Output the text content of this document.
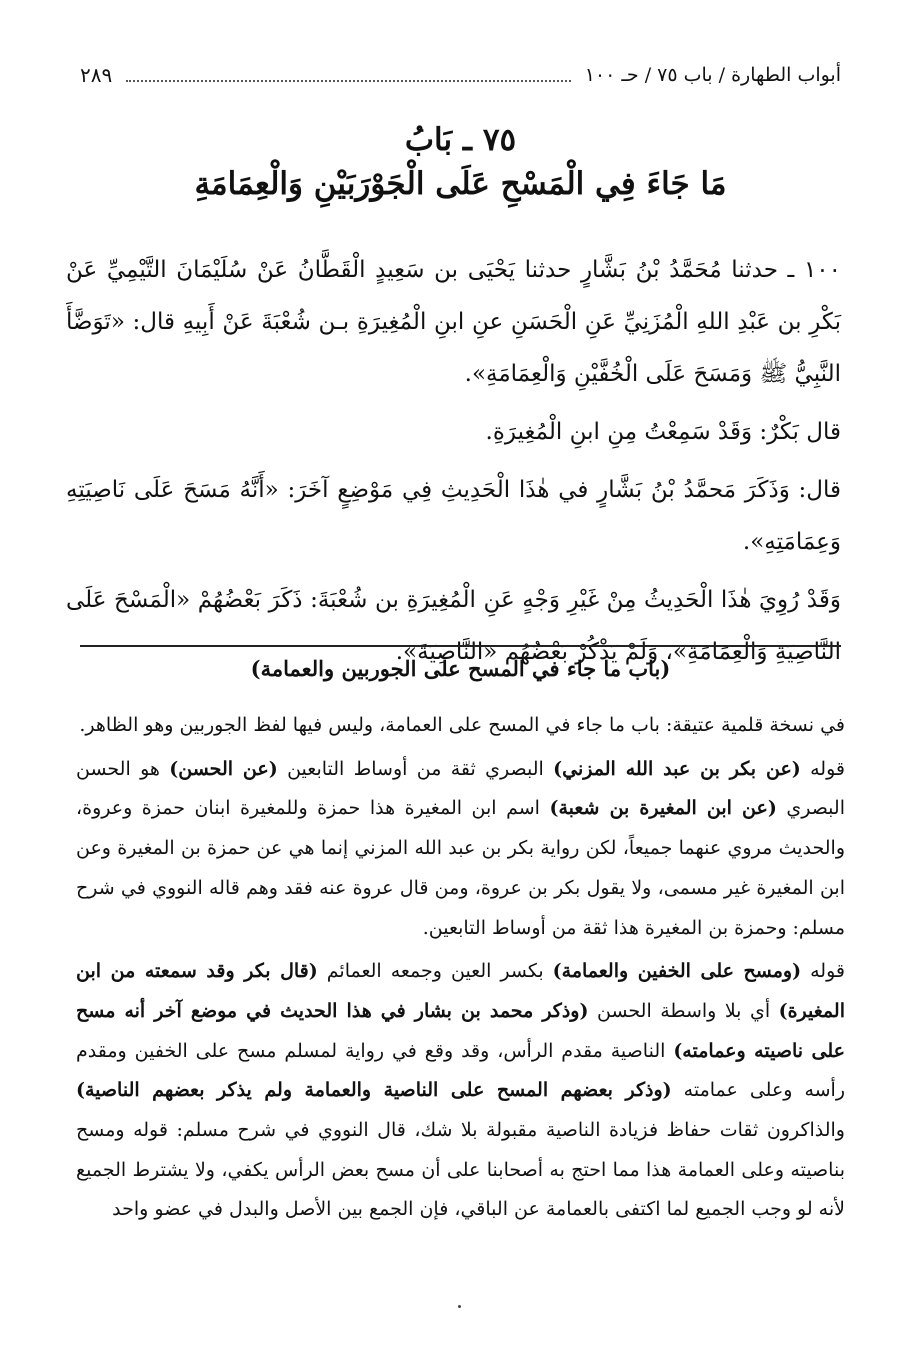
أبواب الطهارة / باب ٧٥ / حـ ١٠٠
٢٨٩
٧٥ ـ بَابُ
مَا جَاءَ فِي الْمَسْحِ عَلَى الْجَوْرَبَيْنِ وَالْعِمَامَةِ

١٠٠ ـ حدثنا مُحَمَّدُ بْنُ بَشَّارٍ حدثنا يَحْيَى بن سَعِيدٍ الْقَطَّانُ عَنْ سُلَيْمَانَ التَّيْمِيِّ عَنْ بَكْرِ بن عَبْدِ اللهِ الْمُزَنِيِّ عَنِ الْحَسَنِ عنِ ابنِ الْمُغِيرَةِ بـن شُعْبَةَ عَنْ أَبِيهِ قال: «تَوَضَّأَ النَّبِيُّ ﷺ وَمَسَحَ عَلَى الْخُفَّيْنِ وَالْعِمَامَةِ».

قال بَكْرٌ: وَقَدْ سَمِعْتُ مِنِ ابنِ الْمُغِيرَةِ.

قال: وَذَكَرَ مَحمَّدُ بْنُ بَشَّارٍ في هٰذَا الْحَدِيثِ فِي مَوْضِعٍ آخَرَ: «أَنَّهُ مَسَحَ عَلَى نَاصِيَتِهِ وَعِمَامَتِهِ».

وَقَدْ رُوِيَ هٰذَا الْحَدِيثُ مِنْ غَيْرِ وَجْهٍ عَنِ الْمُغِيرَةِ بن شُعْبَةَ: ذَكَرَ بَعْضُهُمْ «الْمَسْحَ عَلَى النَّاصِيَةِ وَالْعِمَامَةِ»، وَلَمْ يَذْكُرْ بَعْضُهُم «النَّاصِيَةَ».

(باب ما جاء في المسح على الجوربين والعمامة)

في نسخة قلمية عتيقة: باب ما جاء في المسح على العمامة، وليس فيها لفظ الجوربين وهو الظاهر.

قوله (عن بكر بن عبد الله المزني) البصري ثقة من أوساط التابعين (عن الحسن) هو الحسن البصري (عن ابن المغيرة بن شعبة) اسم ابن المغيرة هذا حمزة وللمغيرة ابنان حمزة وعروة، والحديث مروي عنهما جميعاً، لكن رواية بكر بن عبد الله المزني إنما هي عن حمزة بن المغيرة وعن ابن المغيرة غير مسمى، ولا يقول بكر بن عروة، ومن قال عروة عنه فقد وهم قاله النووي في شرح مسلم: وحمزة بن المغيرة هذا ثقة من أوساط التابعين.

قوله (ومسح على الخفين والعمامة) بكسر العين وجمعه العمائم (قال بكر وقد سمعته من ابن المغيرة) أي بلا واسطة الحسن (وذكر محمد بن بشار في هذا الحديث في موضع آخر أنه مسح على ناصيته وعمامته) الناصية مقدم الرأس، وقد وقع في رواية لمسلم مسح على الخفين ومقدم رأسه وعلى عمامته (وذكر بعضهم المسح على الناصية والعمامة ولم يذكر بعضهم الناصية) والذاكرون ثقات حفاظ فزيادة الناصية مقبولة بلا شك، قال النووي في شرح مسلم: قوله ومسح بناصيته وعلى العمامة هذا مما احتج به أصحابنا على أن مسح بعض الرأس يكفي، ولا يشترط الجميع لأنه لو وجب الجميع لما اكتفى بالعمامة عن الباقي، فإن الجمع بين الأصل والبدل في عضو واحد
